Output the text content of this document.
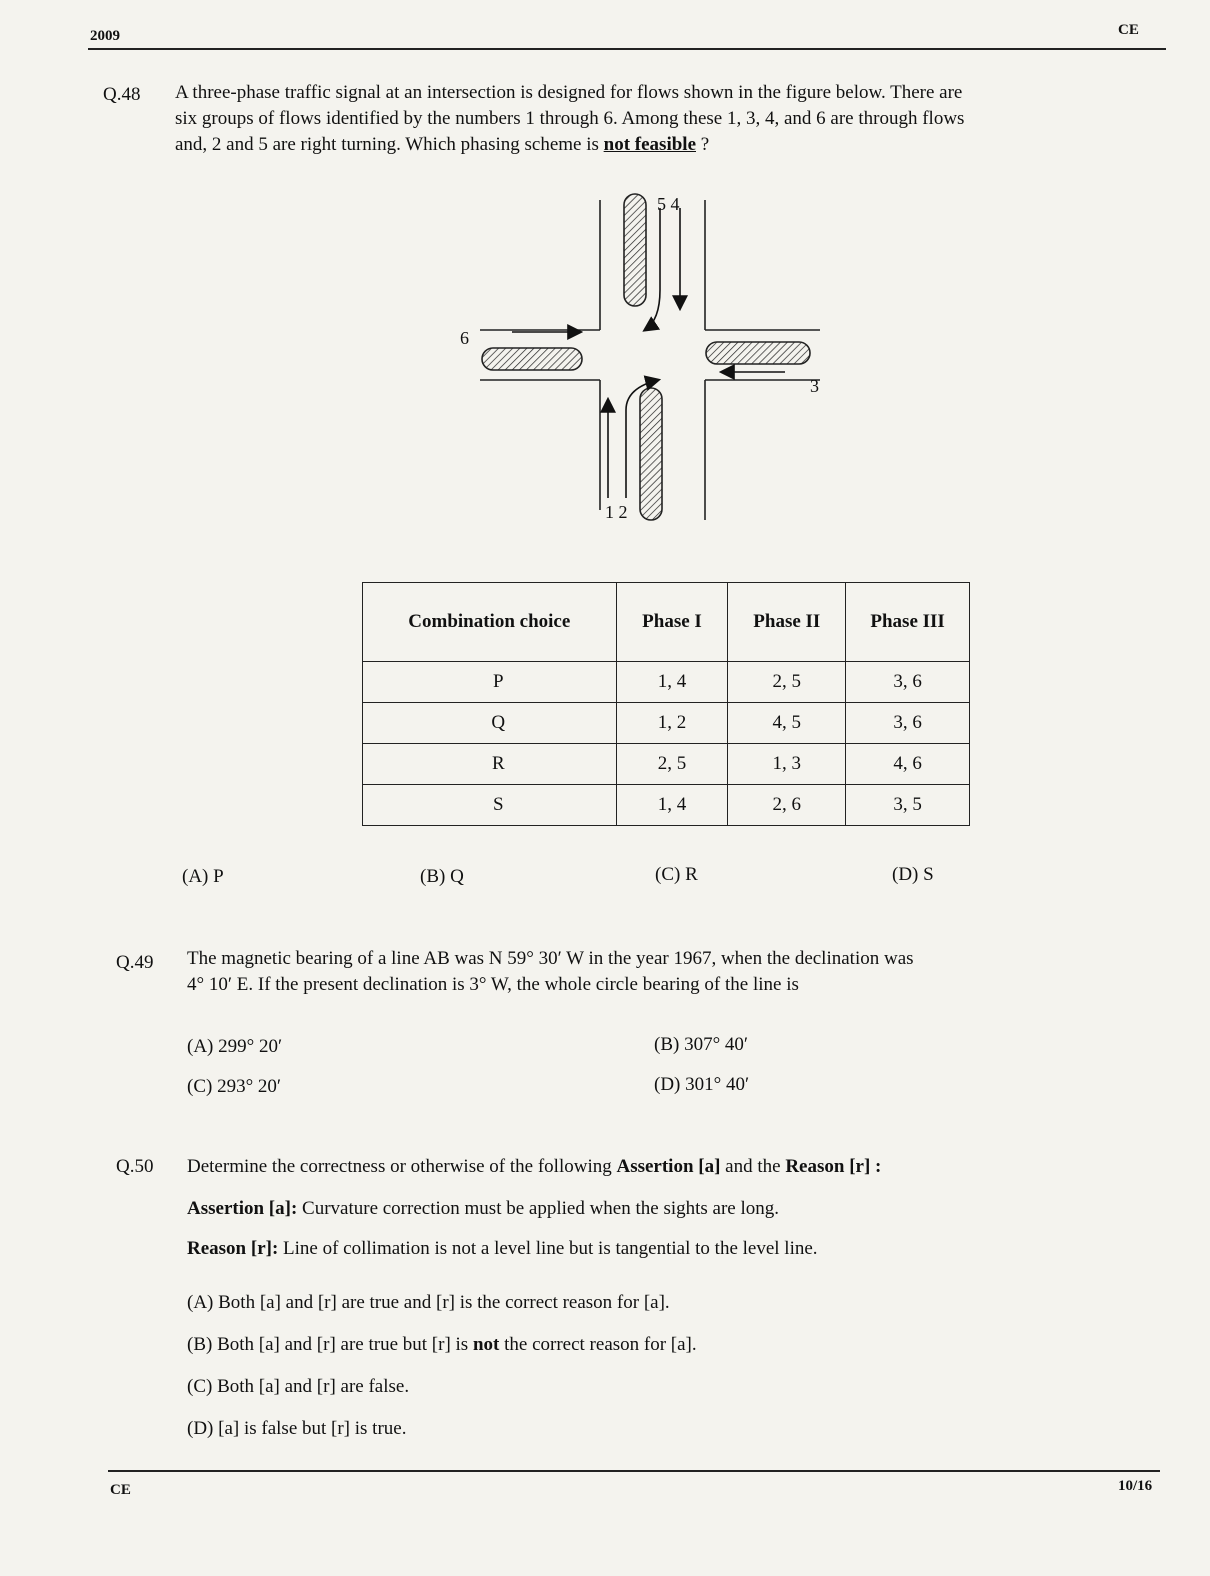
2009	CE
Q.48 A three-phase traffic signal at an intersection is designed for flows shown in the figure below. There are
six groups of flows identified by the numbers 1 through 6. Among these 1, 3, 4, and 6 are through flows
and, 2 and 5 are right turning. Which phasing scheme is not feasible ?
5 4
6
3
1 2
Combination choice	Phase I	Phase II	Phase III
P	1, 4	2, 5	3, 6
Q	1, 2	4, 5	3, 6
R	2, 5	1, 3	4, 6
S	1, 4	2, 6	3, 5
(A) P	(B) Q	(C) R	(D) S
Q.49 The magnetic bearing of a line AB was N 59° 30′ W in the year 1967, when the declination was
4° 10′ E. If the present declination is 3° W, the whole circle bearing of the line is
(A) 299° 20′	(B) 307° 40′
(C) 293° 20′	(D) 301° 40′
Q.50 Determine the correctness or otherwise of the following Assertion [a] and the Reason [r] :
Assertion [a]: Curvature correction must be applied when the sights are long.
Reason [r]: Line of collimation is not a level line but is tangential to the level line.
(A) Both [a] and [r] are true and [r] is the correct reason for [a].
(B) Both [a] and [r] are true but [r] is not the correct reason for [a].
(C) Both [a] and [r] are false.
(D) [a] is false but [r] is true.
CE	10/16
